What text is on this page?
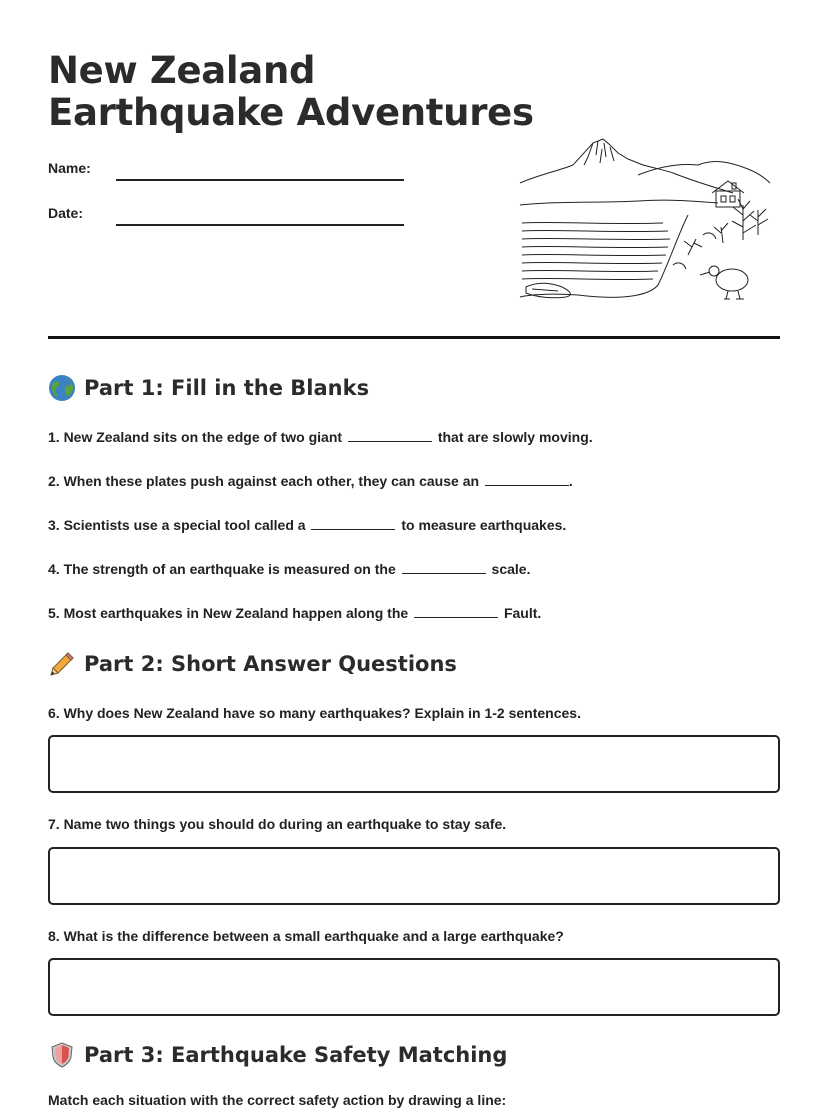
New Zealand
Earthquake Adventures
Name:
Date:
Part 1: Fill in the Blanks
1. New Zealand sits on the edge of two giant	that are slowly moving.
2. When these plates push against each other, they can cause an	.
3. Scientists use a special tool called a	to measure earthquakes.
4. The strength of an earthquake is measured on the	scale.
5. Most earthquakes in New Zealand happen along the	Fault.
Part 2: Short Answer Questions
6. Why does New Zealand have so many earthquakes? Explain in 1-2 sentences.
7. Name two things you should do during an earthquake to stay safe.
8. What is the difference between a small earthquake and a large earthquake?
Part 3: Earthquake Safety Matching
Match each situation with the correct safety action by drawing a line:
